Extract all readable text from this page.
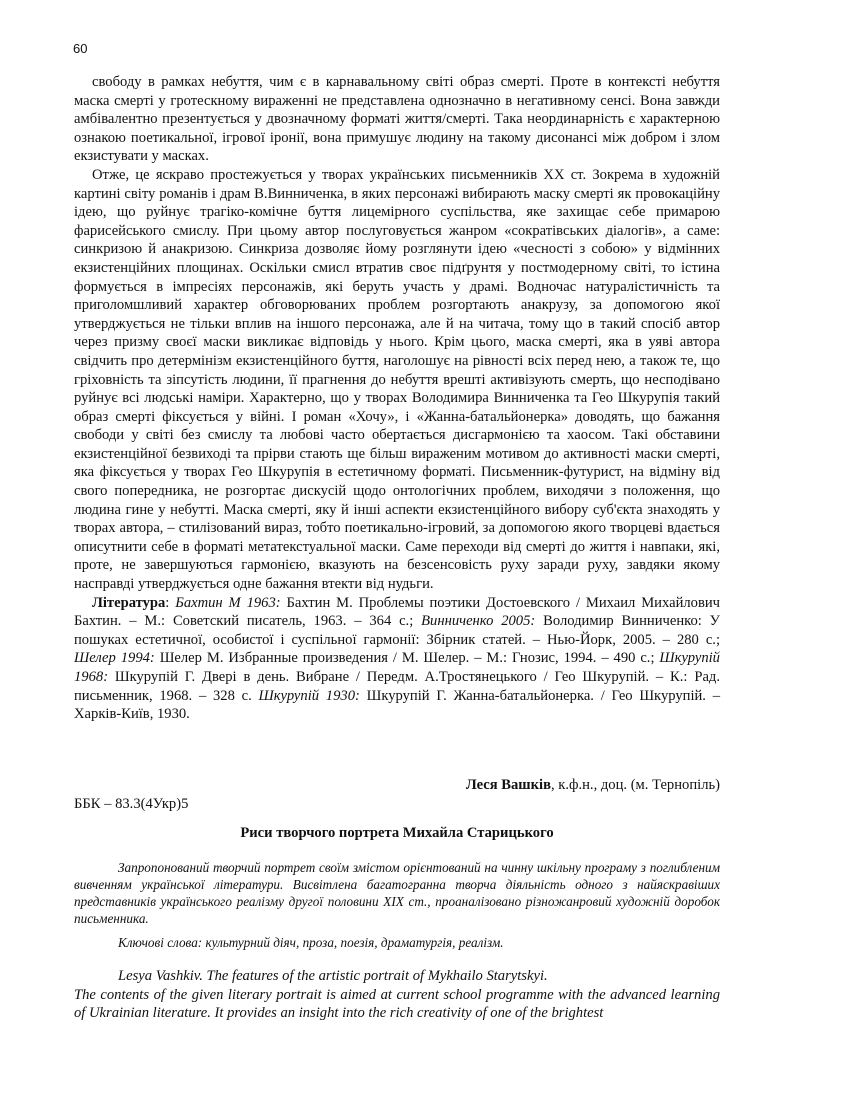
60

свободу в рамках небуття, чим є в карнавальному світі образ смерті. Проте в контексті небуття маска смерті у гротескному вираженні не представлена однозначно в негативному сенсі. Вона завжди амбівалентно презентується у двозначному форматі життя/смерті. Така неординарність є характерною ознакою поетикальної, ігрової іронії, вона примушує людину на такому дисонансі між добром і злом екзистувати у масках.

Отже, це яскраво простежується у творах українських письменників ХХ ст. Зокрема в художній картині світу романів і драм В.Винниченка, в яких персонажі вибирають маску смерті як провокаційну ідею, що руйнує трагіко-комічне буття лицемірного суспільства, яке захищає себе примарою фарисейського смислу. При цьому автор послуговується жанром «сократівських діалогів», а саме: синкризою й анакризою. Синкриза дозволяє йому розглянути ідею «чесності з собою» у відмінних екзистенційних площинах. Оскільки смисл втратив своє підґрунтя у постмодерному світі, то істина формується в імпресіях персонажів, які беруть участь у драмі. Водночас натуралістичність та приголомшливий характер обговорюваних проблем розгортають анакрузу, за допомогою якої утверджується не тільки вплив на іншого персонажа, але й на читача, тому що в такий спосіб автор через призму своєї маски викликає відповідь у нього. Крім цього, маска смерті, яка в уяві автора свідчить про детермінізм екзистенційного буття, наголошує на рівності всіх перед нею, а також те, що гріховність та зіпсутість людини, її прагнення до небуття врешті активізують смерть, що несподівано руйнує всі людські наміри. Характерно, що у творах Володимира Винниченка та Гео Шкурупія такий образ смерті фіксується у війні. І роман «Хочу», і «Жанна-батальйонерка» доводять, що бажання свободи у світі без смислу та любові часто обертається дисгармонією та хаосом. Такі обставини екзистенційної безвиході та прірви стають ще більш вираженим мотивом до активності маски смерті, яка фіксується у творах Гео Шкурупія в естетичному форматі. Письменник-футурист, на відміну від свого попередника, не розгортає дискусій щодо онтологічних проблем, виходячи з положення, що людина гине у небутті. Маска смерті, яку й інші аспекти екзистенційного вибору суб'єкта знаходять у творах автора, – стилізований вираз, тобто поетикально-ігровий, за допомогою якого творцеві вдається описутнити себе в форматі метатекстуальної маски. Саме переходи від смерті до життя і навпаки, які, проте, не завершуються гармонією, вказують на безсенсовість руху заради руху, завдяки якому насправді утверджується одне бажання втекти від нудьги.

Література: Бахтин М 1963: Бахтин М. Проблемы поэтики Достоевского / Михаил Михайлович Бахтин. – М.: Советский писатель, 1963. – 364 с.; Винниченко 2005: Володимир Винниченко: У пошуках естетичної, особистої і суспільної гармонії: Збірник статей. – Нью-Йорк, 2005. – 280 с.; Шелер 1994: Шелер М. Избранные произведения / М. Шелер. – М.: Гнозис, 1994. – 490 с.; Шкурупій 1968: Шкурупій Г. Двері в день. Вибране / Передм. А.Тростянецького / Гео Шкурупій. – К.: Рад. письменник, 1968. – 328 с. Шкурупій 1930: Шкурупій Г. Жанна-батальйонерка. / Гео Шкурупій. – Харків-Київ, 1930.

Леся Вашків, к.ф.н., доц. (м. Тернопіль)
ББК – 83.3(4Укр)5
Риси творчого портрета Михайла Старицького

Запропонований творчий портрет своїм змістом орієнтований на чинну шкільну програму з поглибленим вивченням української літератури. Висвітлена багатогранна творча діяльність одного з найяскравіших представників українського реалізму другої половини ХІХ ст., проаналізовано різножанровий художній доробок письменника.

Ключові слова: культурний діяч, проза, поезія, драматургія, реалізм.

Lesya Vashkiv. The features of the artistic portrait of Mykhailo Starytskyi.

The contents of the given literary portrait is aimed at current school programme with the advanced learning of Ukrainian literature. It provides an insight into the rich creativity of one of the brightest
